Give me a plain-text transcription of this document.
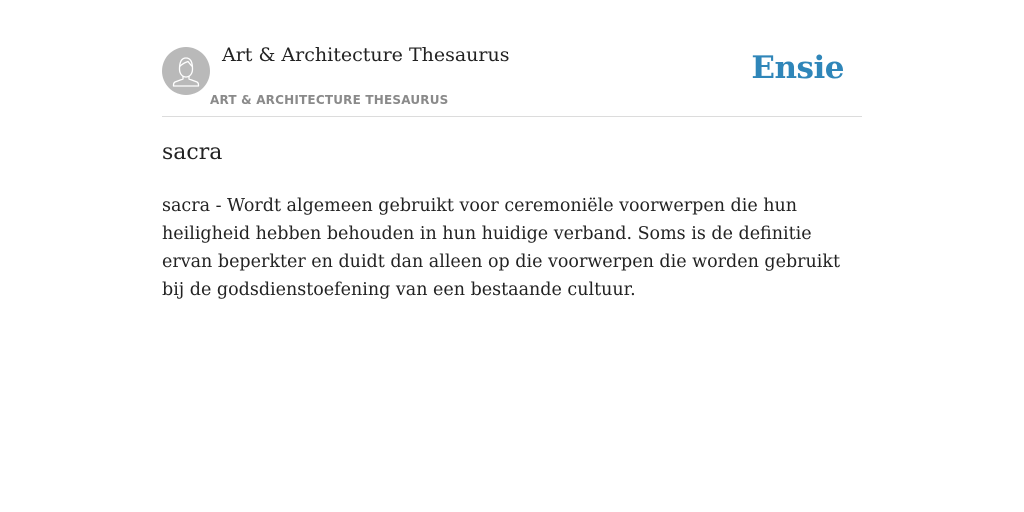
Art & Architecture Thesaurus
ART & ARCHITECTURE THESAURUS
Ensie
sacra

sacra - Wordt algemeen gebruikt voor ceremoniële voorwerpen die hun heiligheid hebben behouden in hun huidige verband. Soms is de definitie ervan beperkter en duidt dan alleen op die voorwerpen die worden gebruikt bij de godsdienstoefening van een bestaande cultuur.
